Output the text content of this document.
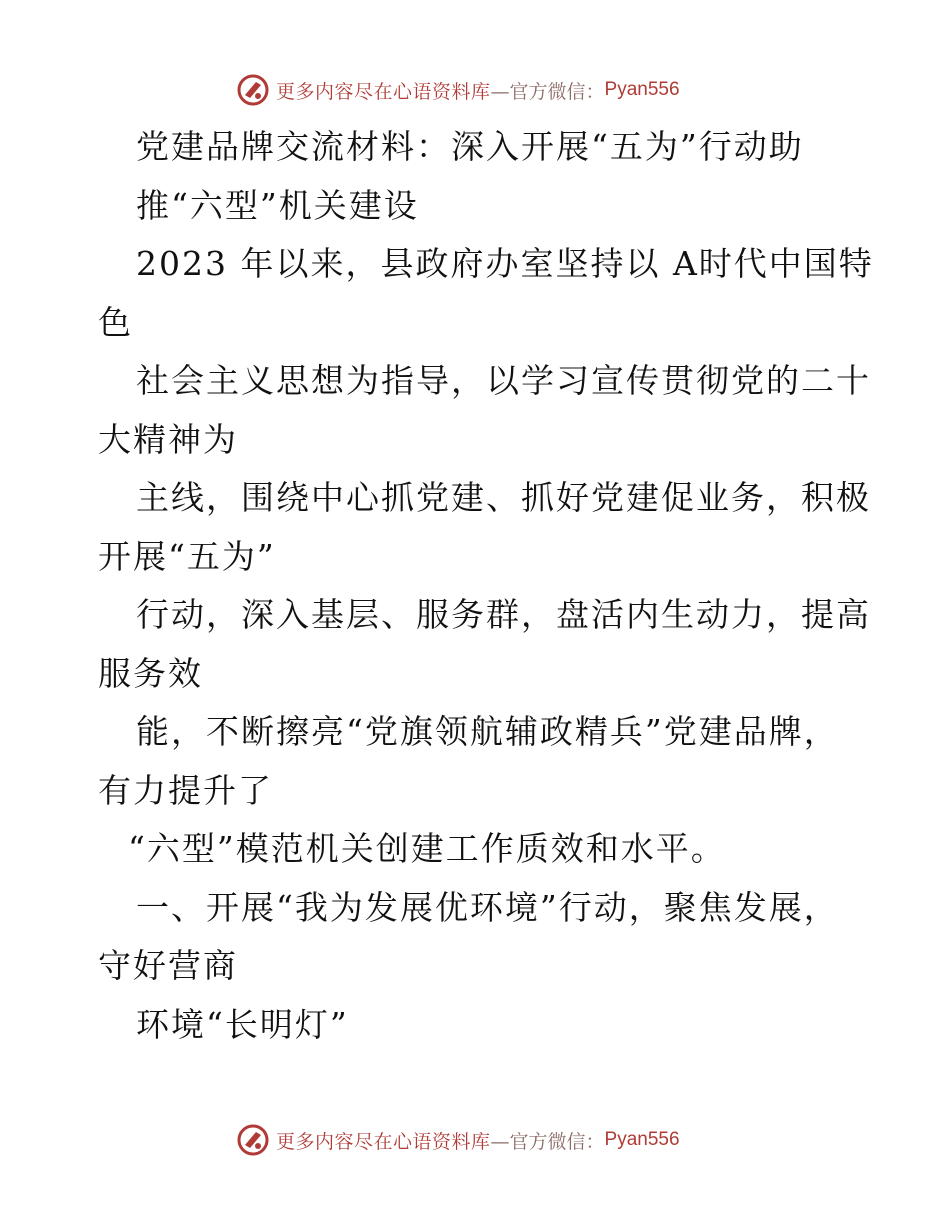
更多内容尽在心语资料库 —官方微信： Pyan556
党建品牌交流材料：深入开展“五为”行动助
推“六型”机关建设
2023 年以来，县政府办室坚持以 A时代中国特
色
社会主义思想为指导，以学习宣传贯彻党的二十
大精神为
主线，围绕中心抓党建、抓好党建促业务，积极
开展“五为”
行动，深入基层、服务群，盘活内生动力，提高
服务效
能，不断擦亮“党旗领航辅政精兵”党建品牌，
有力提升了
“六型”模范机关创建工作质效和水平。
一、开展“我为发展优环境”行动，聚焦发展，
守好营商
环境“长明灯”
更多内容尽在心语资料库 —官方微信： Pyan556
